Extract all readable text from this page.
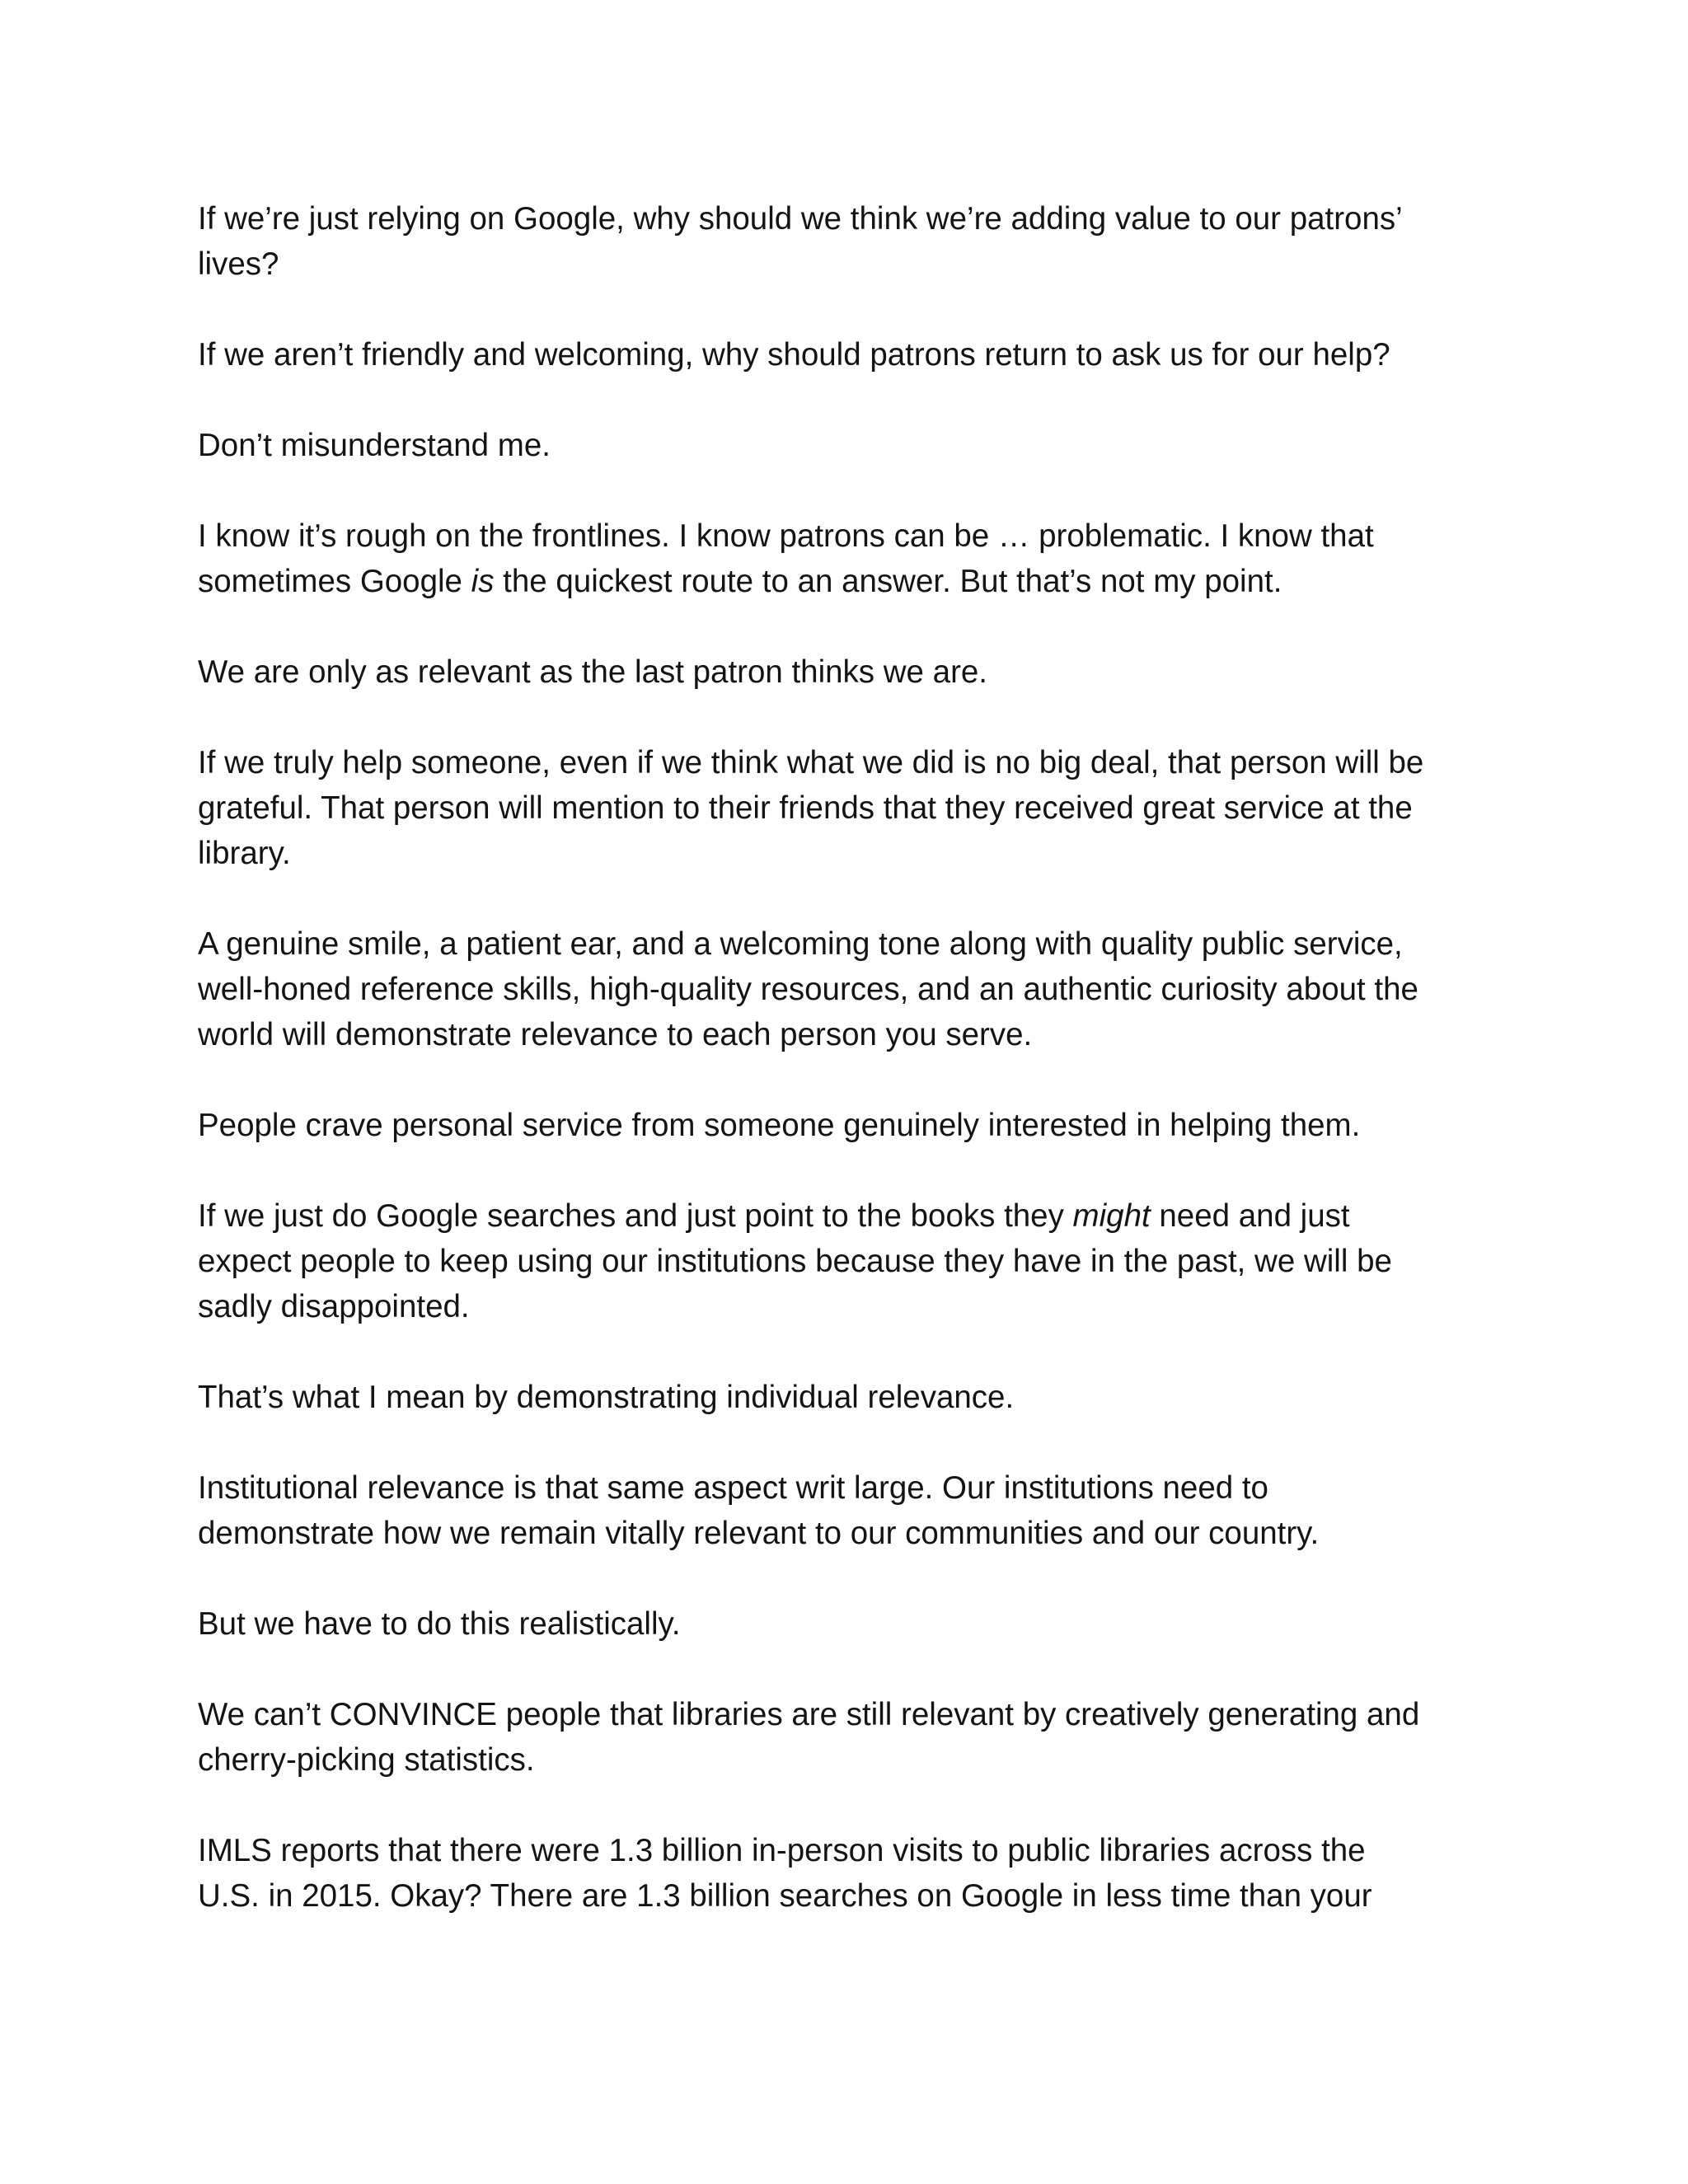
If we’re just relying on Google, why should we think we’re adding value to our patrons’
lives?

If we aren’t friendly and welcoming, why should patrons return to ask us for our help?

Don’t misunderstand me.

I know it’s rough on the frontlines. I know patrons can be … problematic. I know that
sometimes Google is the quickest route to an answer. But that’s not my point.

We are only as relevant as the last patron thinks we are.

If we truly help someone, even if we think what we did is no big deal, that person will be
grateful. That person will mention to their friends that they received great service at the
library.

A genuine smile, a patient ear, and a welcoming tone along with quality public service,
well-honed reference skills, high-quality resources, and an authentic curiosity about the
world will demonstrate relevance to each person you serve.

People crave personal service from someone genuinely interested in helping them.

If we just do Google searches and just point to the books they might need and just
expect people to keep using our institutions because they have in the past, we will be
sadly disappointed.

That’s what I mean by demonstrating individual relevance.

Institutional relevance is that same aspect writ large. Our institutions need to
demonstrate how we remain vitally relevant to our communities and our country.

But we have to do this realistically.

We can’t CONVINCE people that libraries are still relevant by creatively generating and
cherry-picking statistics.

IMLS reports that there were 1.3 billion in-person visits to public libraries across the
U.S. in 2015. Okay? There are 1.3 billion searches on Google in less time than your
